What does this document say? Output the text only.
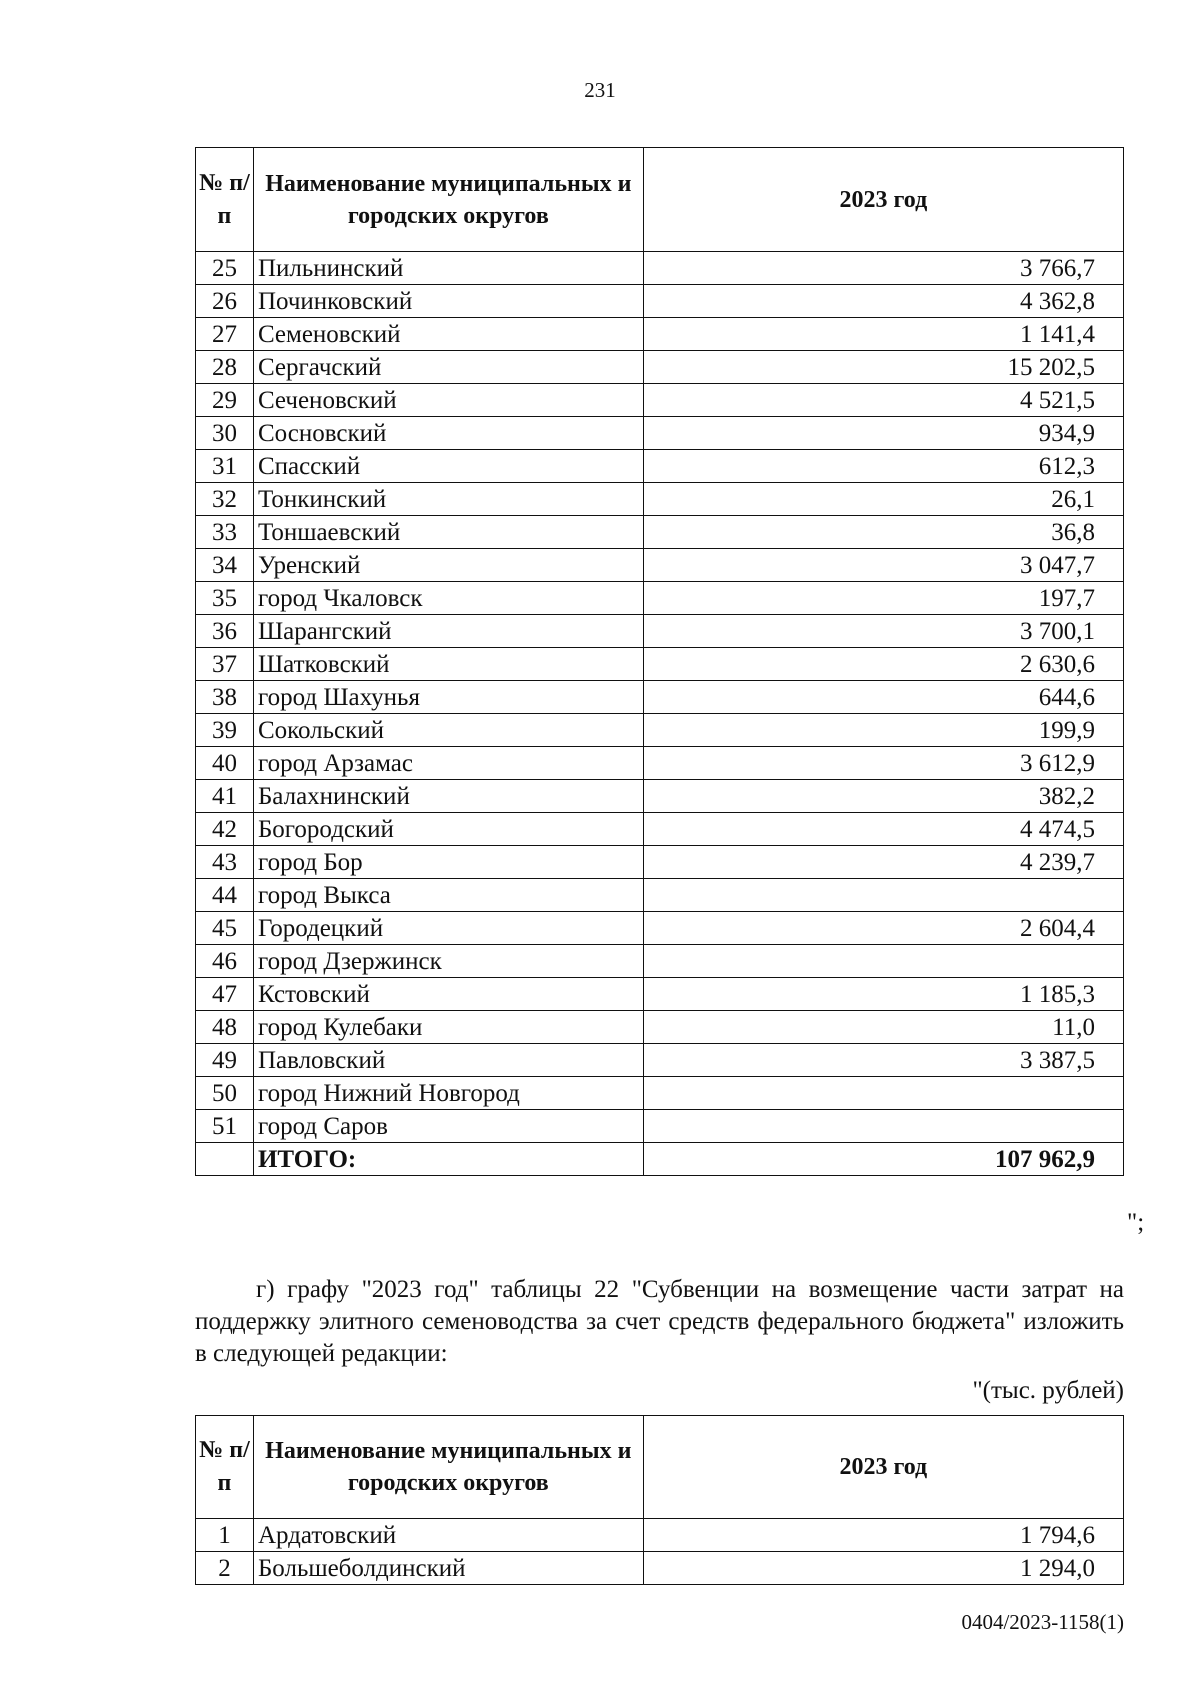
231
№ п/п	Наименование муниципальных и городских округов	2023 год
25	Пильнинский	3 766,7
26	Починковский	4 362,8
27	Семеновский	1 141,4
28	Сергачский	15 202,5
29	Сеченовский	4 521,5
30	Сосновский	934,9
31	Спасский	612,3
32	Тонкинский	26,1
33	Тоншаевский	36,8
34	Уренский	3 047,7
35	город Чкаловск	197,7
36	Шарангский	3 700,1
37	Шатковский	2 630,6
38	город Шахунья	644,6
39	Сокольский	199,9
40	город Арзамас	3 612,9
41	Балахнинский	382,2
42	Богородский	4 474,5
43	город Бор	4 239,7
44	город Выкса	
45	Городецкий	2 604,4
46	город Дзержинск	
47	Кстовский	1 185,3
48	город Кулебаки	11,0
49	Павловский	3 387,5
50	город Нижний Новгород	
51	город Саров	
	ИТОГО:	107 962,9
";
г) графу "2023 год" таблицы 22 "Субвенции на возмещение части затрат на поддержку элитного семеноводства за счет средств федерального бюджета" изложить в следующей редакции:
"(тыс. рублей)
№ п/п	Наименование муниципальных и городских округов	2023 год
1	Ардатовский	1 794,6
2	Большеболдинский	1 294,0
0404/2023-1158(1)
